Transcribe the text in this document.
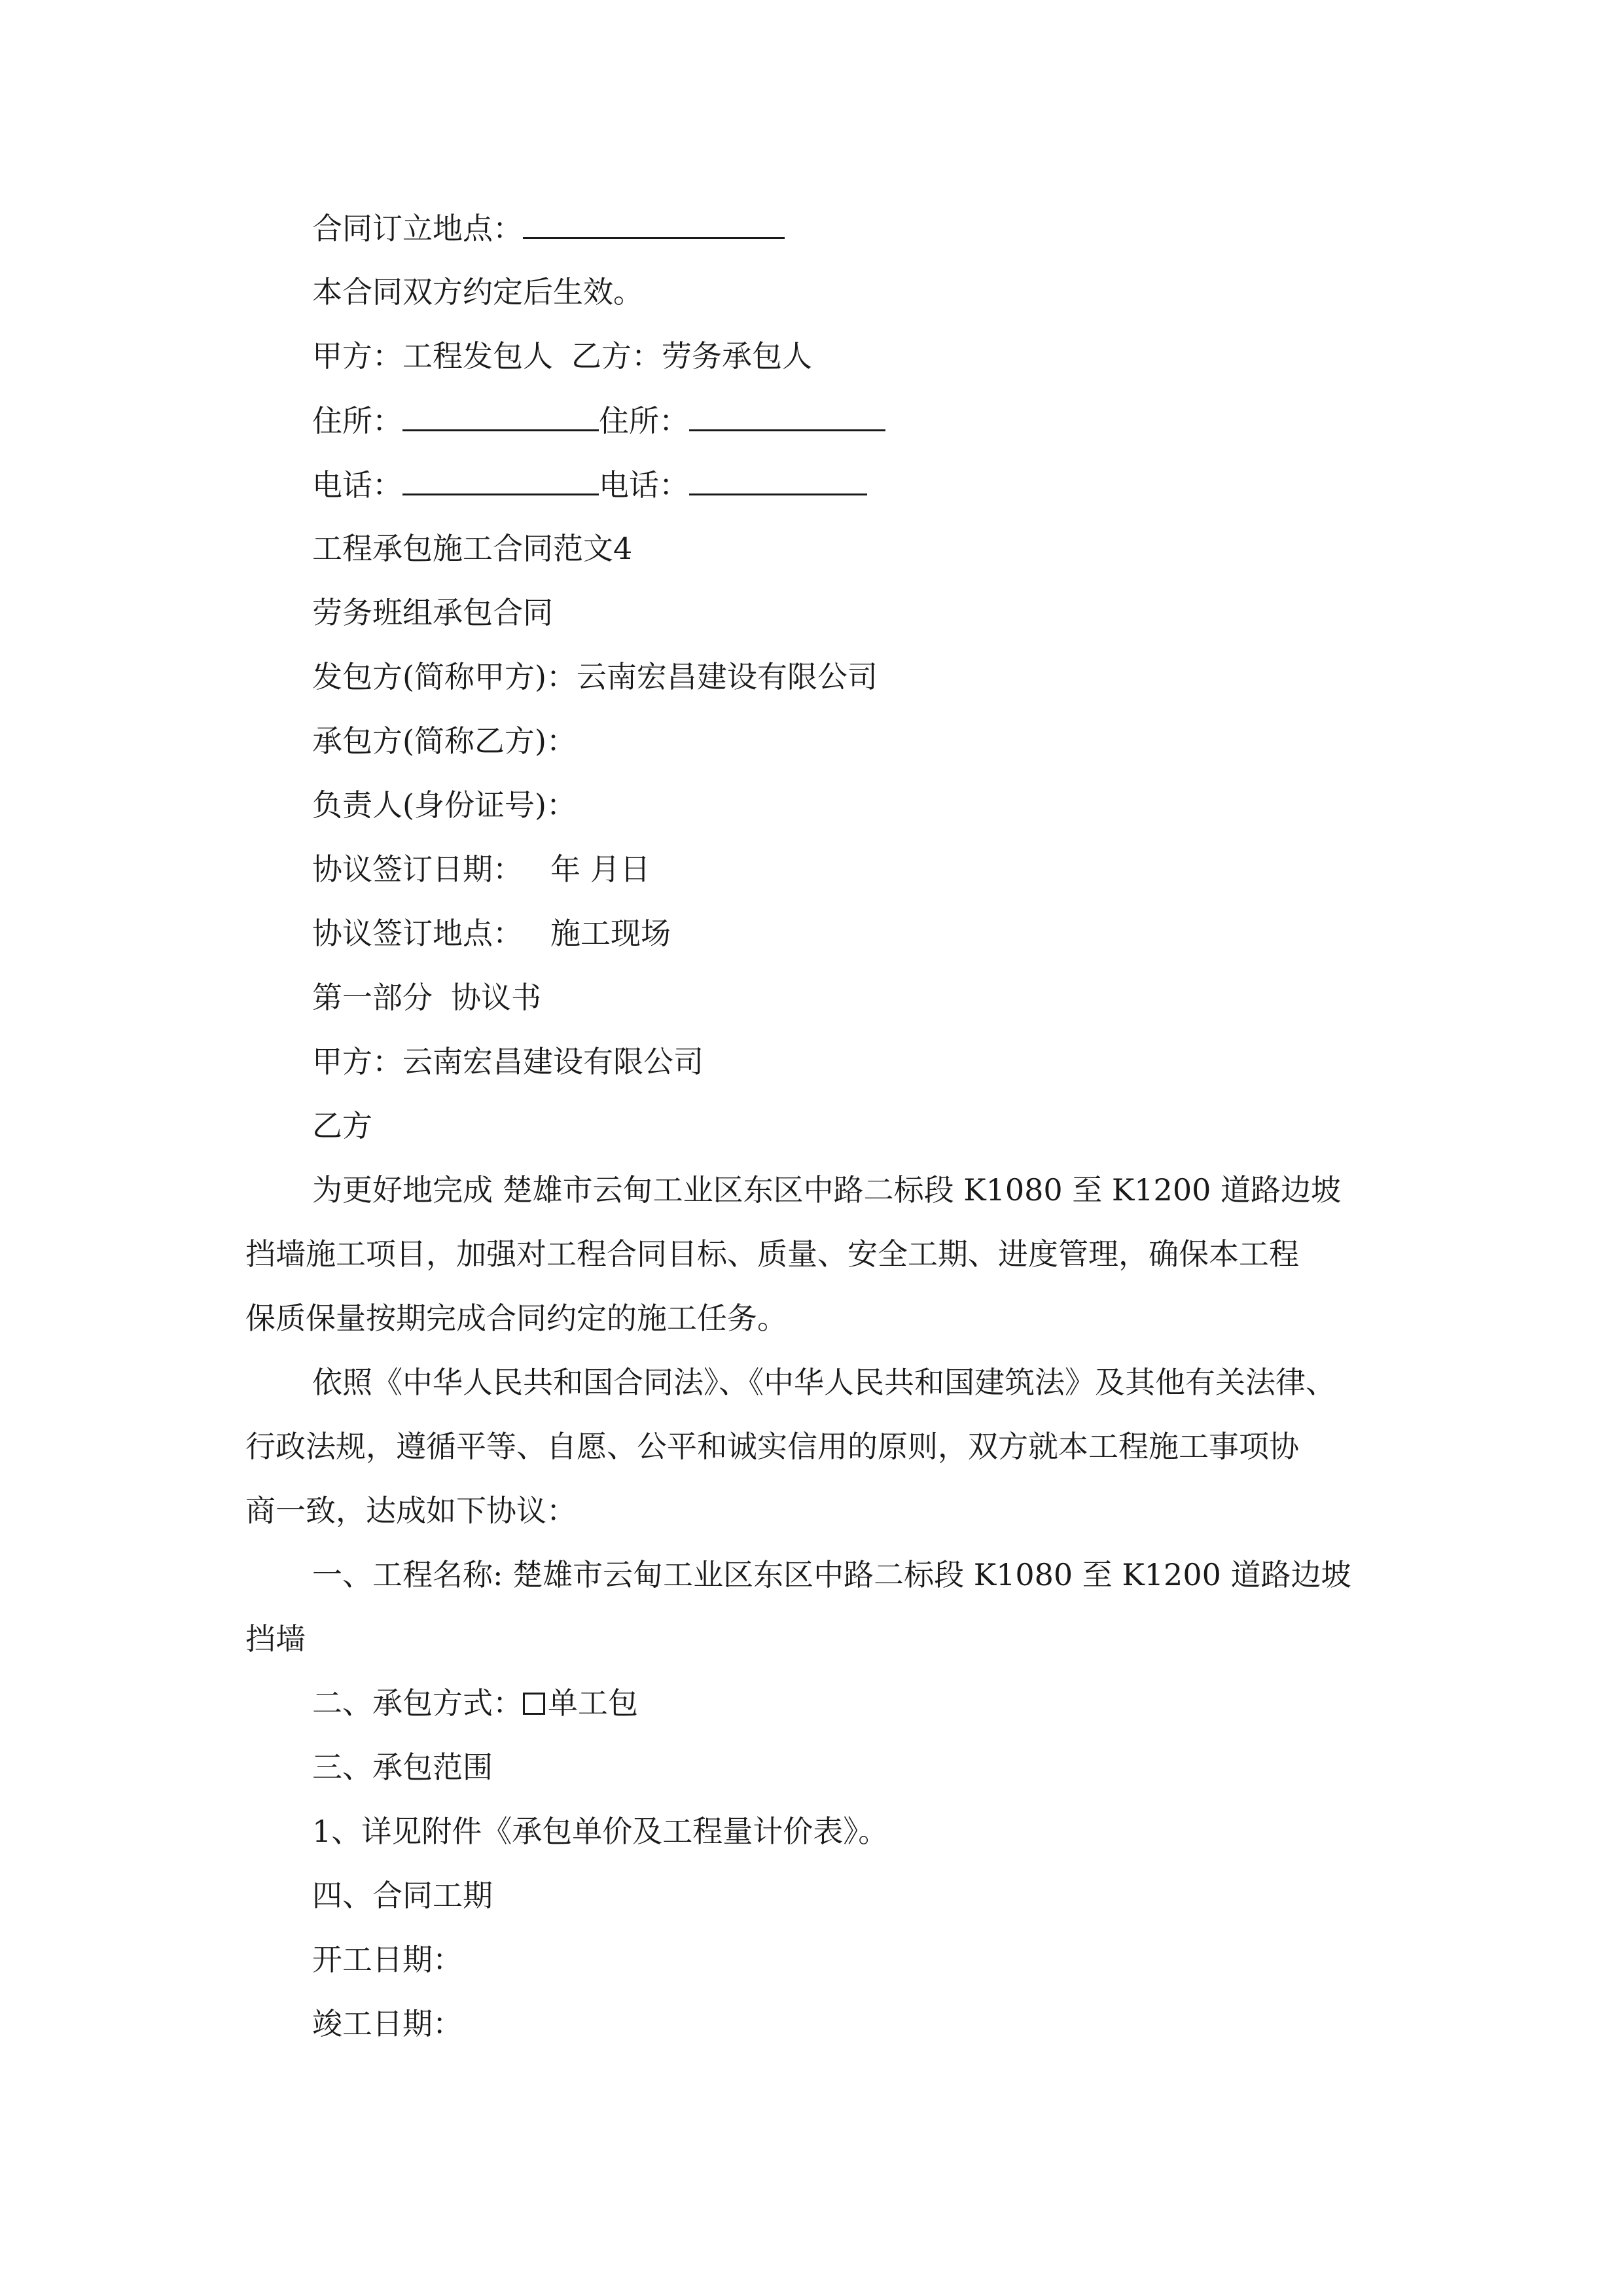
合同订立地点：
本合同双方约定后生效。
甲方：工程发包人 乙方：劳务承包人
住所：	住所：
电话：	电话：
工程承包施工合同范文4
劳务班组承包合同
发包方(简称甲方)：云南宏昌建设有限公司
承包方(简称乙方)：
负责人(身份证号)：
协议签订日期： 年 月日
协议签订地点： 施工现场
第一部分 协议书
甲方：云南宏昌建设有限公司
乙方
为更好地完成 楚雄市云甸工业区东区中路二标段 K1080 至 K1200 道路边坡
挡墙施工项目，加强对工程合同目标、质量、安全工期、进度管理，确保本工程
保质保量按期完成合同约定的施工任务。
依照《中华人民共和国合同法》、《中华人民共和国建筑法》及其他有关法律、
行政法规，遵循平等、自愿、公平和诚实信用的原则，双方就本工程施工事项协
商一致，达成如下协议：
一、工程名称: 楚雄市云甸工业区东区中路二标段 K1080 至 K1200 道路边坡
挡墙
二、承包方式： 单工包
三、承包范围
1、详见附件《承包单价及工程量计价表》。
四、合同工期
开工日期：
竣工日期：
